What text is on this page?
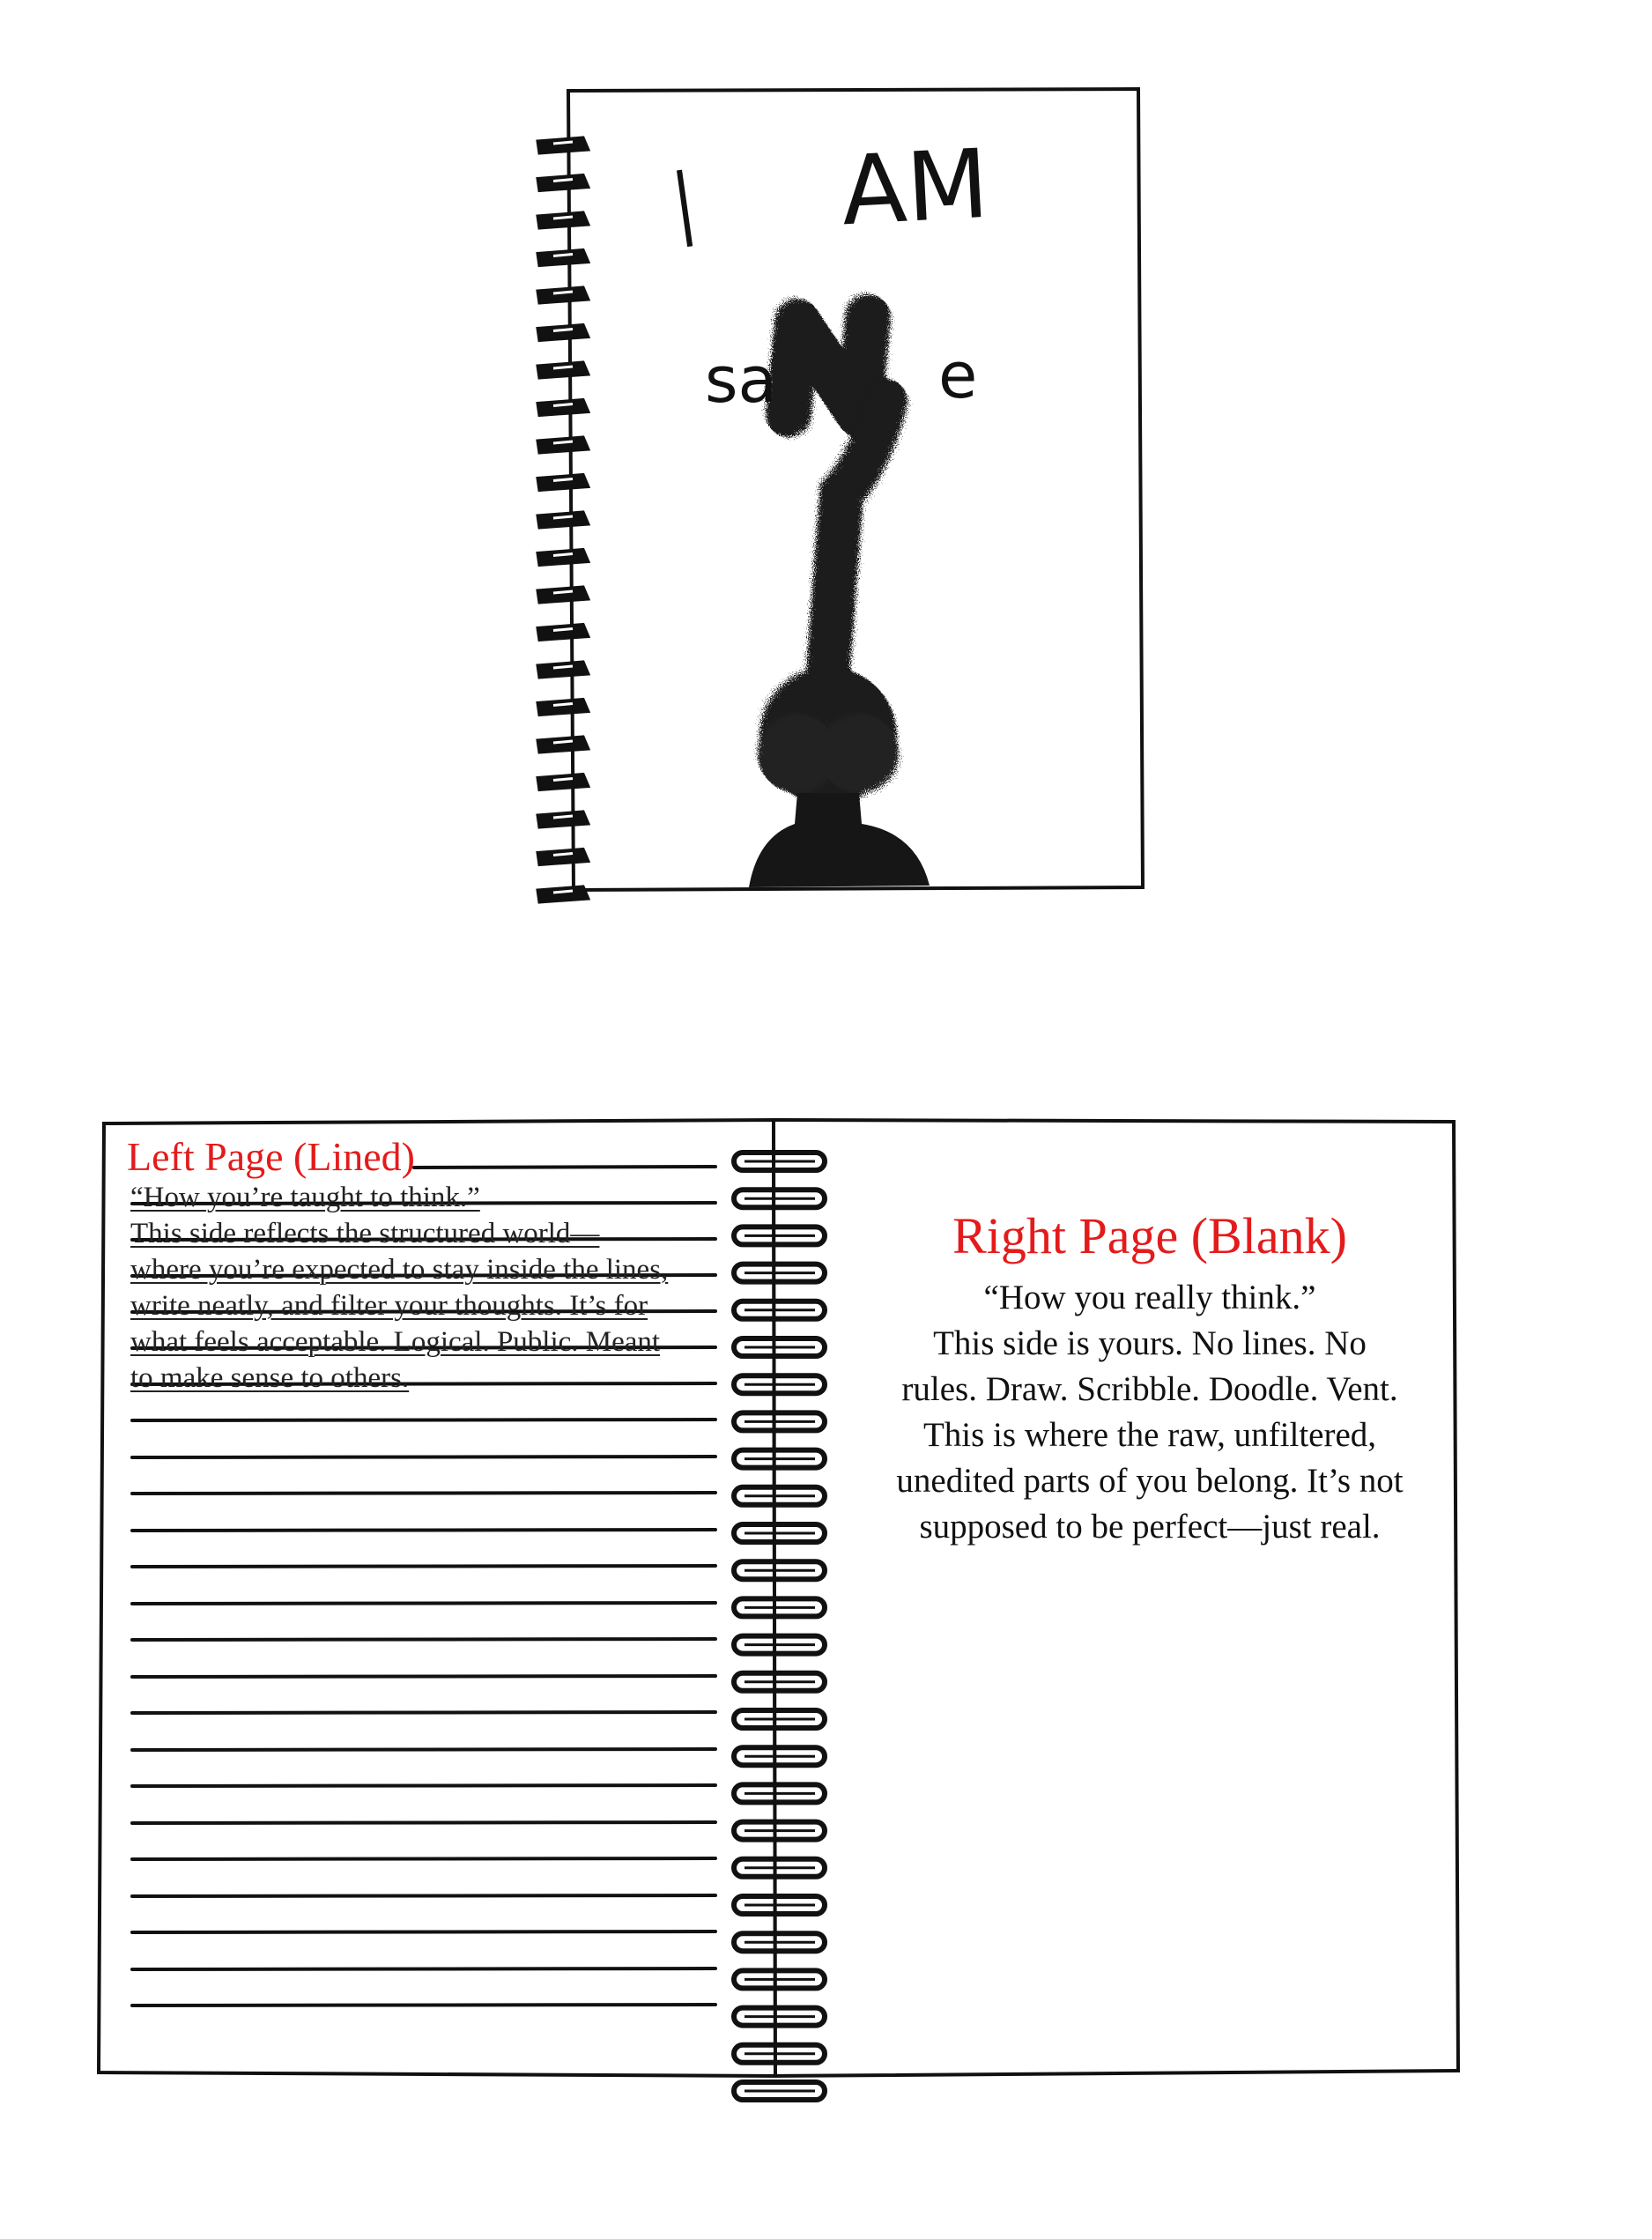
I AM
sa	e
Left Page (Lined)
“How you’re taught to think.”
This side reflects the structured world—
where you’re expected to stay inside the lines,
write neatly, and filter your thoughts. It’s for
what feels acceptable. Logical. Public. Meant
to make sense to others.
Right Page (Blank)
“How you really think.”
This side is yours. No lines. No
rules. Draw. Scribble. Doodle. Vent.
This is where the raw, unfiltered,
unedited parts of you belong. It’s not
supposed to be perfect—just real.
